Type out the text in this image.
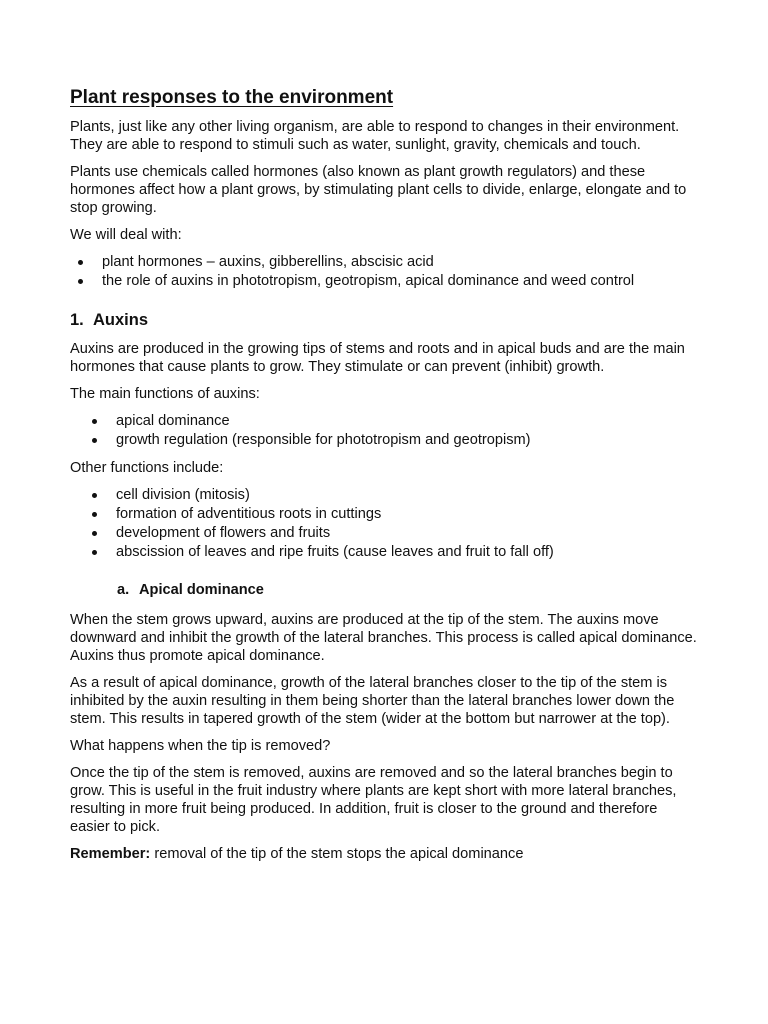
Plant responses to the environment

Plants, just like any other living organism, are able to respond to changes in their environment. They are able to respond to stimuli such as water, sunlight, gravity, chemicals and touch.

Plants use chemicals called hormones (also known as plant growth regulators) and these hormones affect how a plant grows, by stimulating plant cells to divide, enlarge, elongate and to stop growing.

We will deal with:

plant hormones – auxins, gibberellins, abscisic acid
the role of auxins in phototropism, geotropism, apical dominance and weed control
1. Auxins

Auxins are produced in the growing tips of stems and roots and in apical buds and are the main hormones that cause plants to grow. They stimulate or can prevent (inhibit) growth.

The main functions of auxins:

apical dominance
growth regulation (responsible for phototropism and geotropism)

Other functions include:

cell division (mitosis)
formation of adventitious roots in cuttings
development of flowers and fruits
abscission of leaves and ripe fruits (cause leaves and fruit to fall off)
a. Apical dominance

When the stem grows upward, auxins are produced at the tip of the stem. The auxins move downward and inhibit the growth of the lateral branches. This process is called apical dominance. Auxins thus promote apical dominance.

As a result of apical dominance, growth of the lateral branches closer to the tip of the stem is inhibited by the auxin resulting in them being shorter than the lateral branches lower down the stem. This results in tapered growth of the stem (wider at the bottom but narrower at the top).

What happens when the tip is removed?

Once the tip of the stem is removed, auxins are removed and so the lateral branches begin to grow. This is useful in the fruit industry where plants are kept short with more lateral branches, resulting in more fruit being produced. In addition, fruit is closer to the ground and therefore easier to pick.

Remember: removal of the tip of the stem stops the apical dominance
